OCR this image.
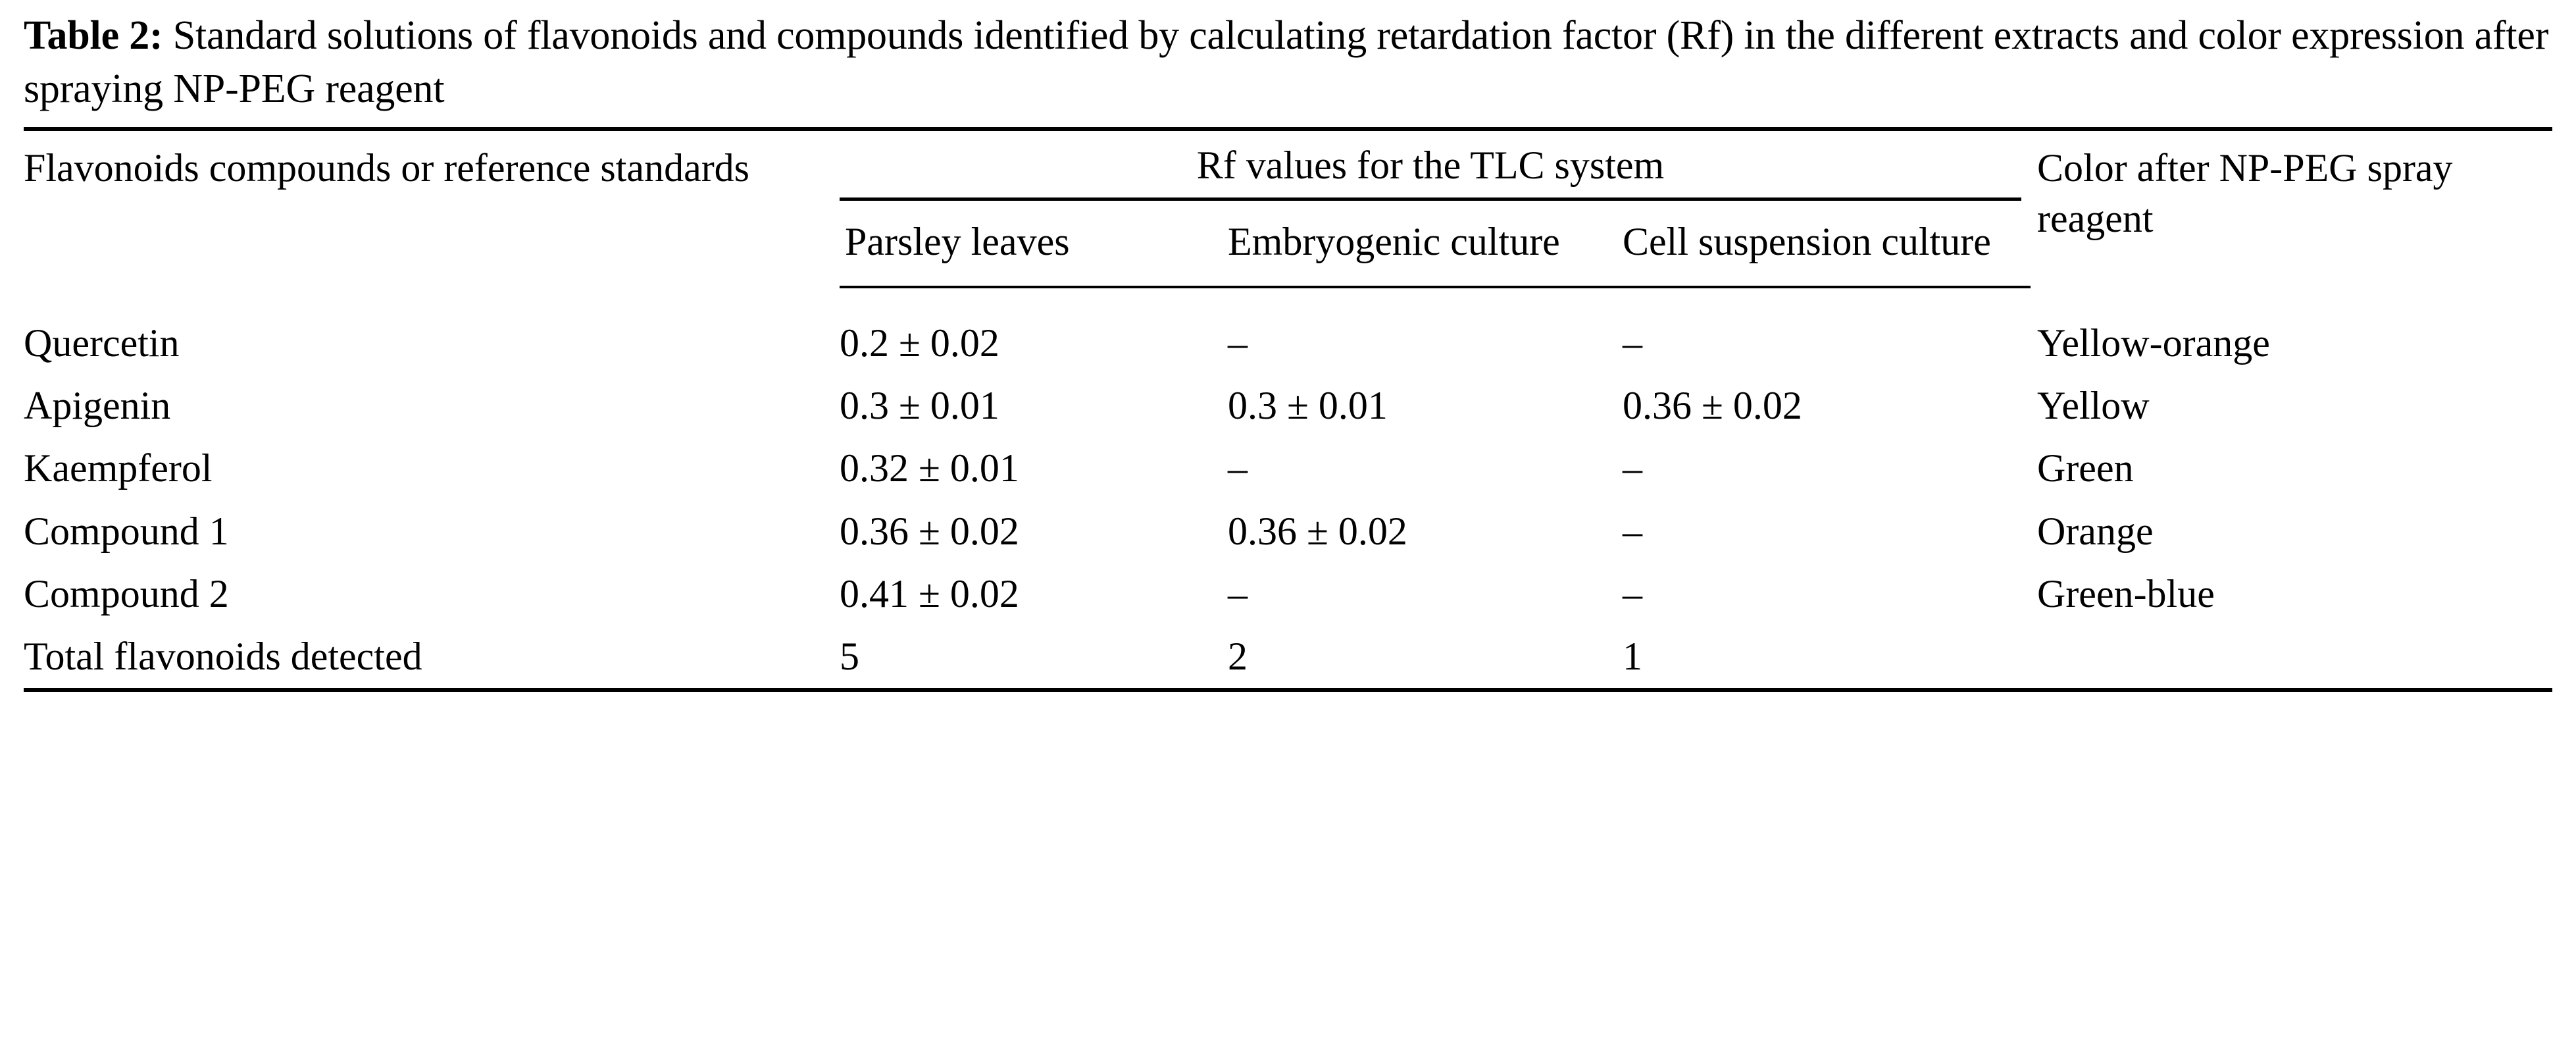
Table 2: Standard solutions of flavonoids and compounds identified by calculating retardation factor (Rf) in the different extracts and color expression after spraying NP-PEG reagent

Flavonoids compounds or reference standards	Rf values for the TLC system			Color after NP-PEG spray reagent
	Parsley leaves	Embryogenic culture	Cell suspension culture	

Quercetin	0.2 ± 0.02	–	–	Yellow-orange
Apigenin	0.3 ± 0.01	0.3 ± 0.01	0.36 ± 0.02	Yellow
Kaempferol	0.32 ± 0.01	–	–	Green
Compound 1	0.36 ± 0.02	0.36 ± 0.02	–	Orange
Compound 2	0.41 ± 0.02	–	–	Green-blue
Total flavonoids detected	5	2	1	
